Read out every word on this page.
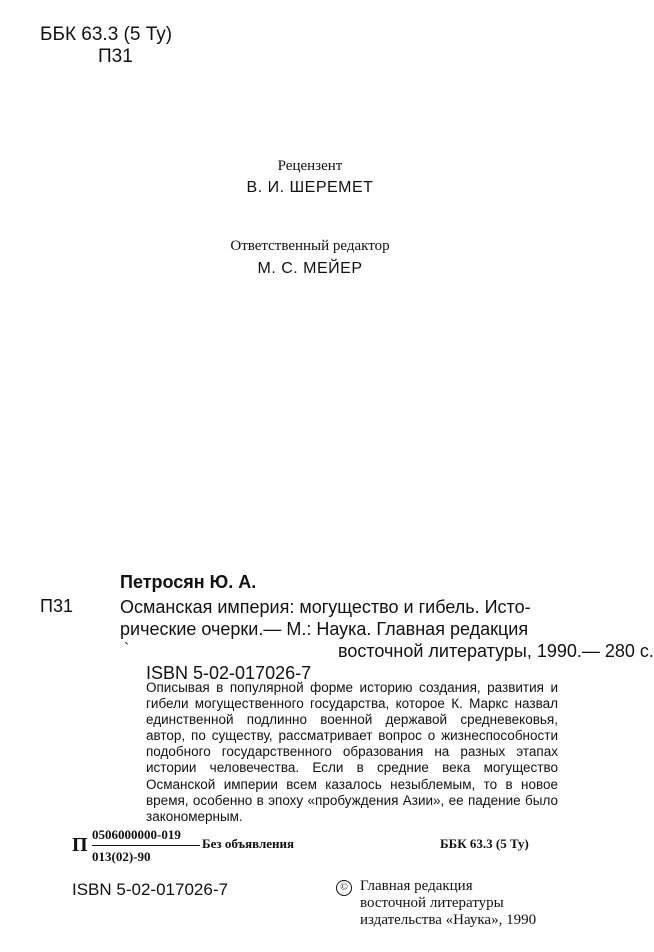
ББК 63.3 (5 Ту)
П31
Рецензент
В. И. ШЕРЕМЕТ
Ответственный редактор
М. С. МЕЙЕР
Петросян Ю. А.
П31	Османская империя: могущество и гибель. Исто-
рические очерки.— М.: Наука. Главная редакция
восточной литературы, 1990.— 280 с.
`
ISBN 5-02-017026-7
Описывая в популярной форме историю создания, развития и гибели могущественного государства, которое К. Маркс назвал единственной подлинно военной державой средневековья, автор, по существу, рассматривает вопрос о жизнеспособности подобного государственного образования на разных этапах истории человечества. Если в средние века могущество Османской империи всем казалось незыблемым, то в новое время, особенно в эпоху «пробуждения Азии», ее падение было закономерным.
П 0506000000-019
013(02)-90
Без объявления	ББК 63.3 (5 Ту)
ISBN 5-02-017026-7	© Главная редакция
восточной литературы
издательства «Наука», 1990
